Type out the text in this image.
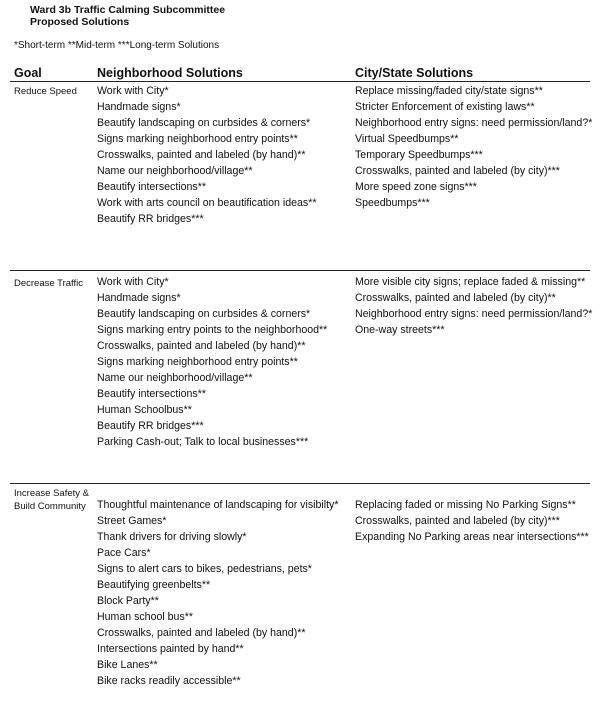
Ward 3b Traffic Calming Subcommittee
Proposed Solutions
*Short-term **Mid-term ***Long-term Solutions
Goal	Neighborhood Solutions	City/State Solutions
Reduce Speed Work with City*
Handmade signs*
Beautify landscaping on curbsides & corners*
Signs marking neighborhood entry points**
Crosswalks, painted and labeled (by hand)**
Name our neighborhood/village**
Beautify intersections**
Work with arts council on beautification ideas**
Beautify RR bridges***
Replace missing/faded city/state signs**
Stricter Enforcement of existing laws**
Neighborhood entry signs: need permission/land?*
Virtual Speedbumps**
Temporary Speedbumps***
Crosswalks, painted and labeled (by city)***
More speed zone signs***
Speedbumps***
Decrease Traffic Work with City*
Handmade signs*
Beautify landscaping on curbsides & corners*
Signs marking entry points to the neighborhood**
Crosswalks, painted and labeled (by hand)**
Signs marking neighborhood entry points**
Name our neighborhood/village**
Beautify intersections**
Human Schoolbus**
Beautify RR bridges***
Parking Cash-out; Talk to local businesses***
More visible city signs; replace faded & missing**
Crosswalks, painted and labeled (by city)**
Neighborhood entry signs: need permission/land?*
One-way streets***
Increase Safety &
Build Community Thoughtful maintenance of landscaping for visibilty*
Street Games*
Thank drivers for driving slowly*
Pace Cars*
Signs to alert cars to bikes, pedestrians, pets*
Beautifying greenbelts**
Block Party**
Human school bus**
Crosswalks, painted and labeled (by hand)**
Intersections painted by hand**
Bike Lanes**
Bike racks readily accessible**
Replacing faded or missing No Parking Signs**
Crosswalks, painted and labeled (by city)***
Expanding No Parking areas near intersections***
